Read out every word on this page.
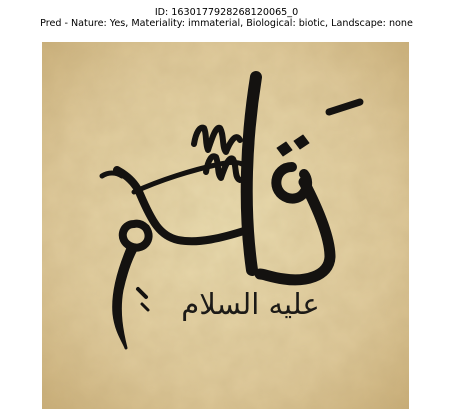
ID: 1630177928268120065_0
Pred - Nature: Yes, Materiality: immaterial, Biological: biotic, Landscape: none
عليه السلام
